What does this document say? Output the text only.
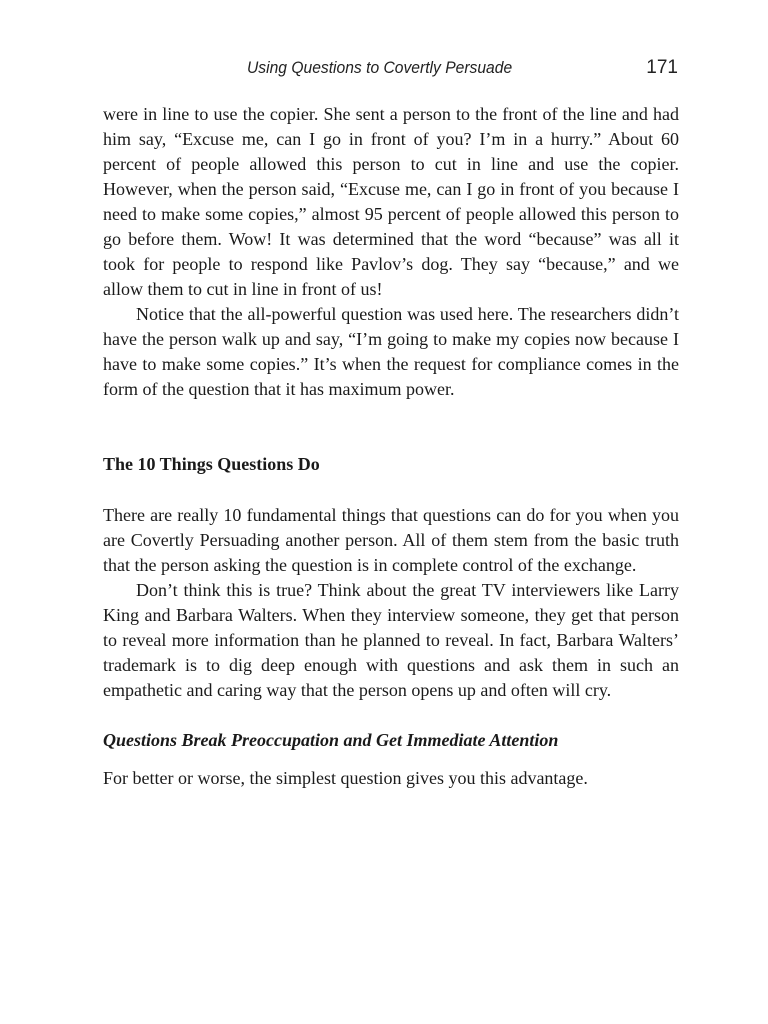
Using Questions to Covertly Persuade	171

were in line to use the copier. She sent a person to the front of the line and had him say, “Excuse me, can I go in front of you? I’m in a hurry.” About 60 percent of people allowed this person to cut in line and use the copier. However, when the person said, “Excuse me, can I go in front of you because I need to make some copies,” almost 95 percent of people allowed this person to go before them. Wow! It was determined that the word “because” was all it took for people to respond like Pavlov’s dog. They say “because,” and we allow them to cut in line in front of us!

Notice that the all-powerful question was used here. The researchers didn’t have the person walk up and say, “I’m going to make my copies now because I have to make some copies.” It’s when the request for compliance comes in the form of the question that it has maximum power.

The 10 Things Questions Do

There are really 10 fundamental things that questions can do for you when you are Covertly Persuading another person. All of them stem from the basic truth that the person asking the question is in complete control of the exchange.

Don’t think this is true? Think about the great TV interviewers like Larry King and Barbara Walters. When they interview someone, they get that person to reveal more information than he planned to reveal. In fact, Barbara Walters’ trademark is to dig deep enough with questions and ask them in such an empathetic and caring way that the person opens up and often will cry.

Questions Break Preoccupation and Get Immediate Attention

For better or worse, the simplest question gives you this advantage.
